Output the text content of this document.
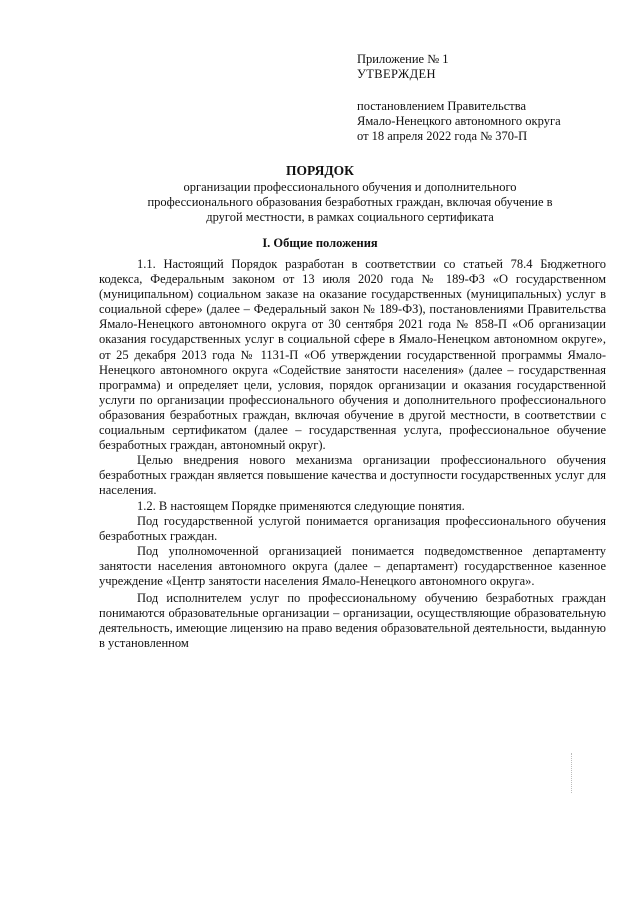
Приложение № 1
УТВЕРЖДЕН
постановлением Правительства
Ямало-Ненецкого автономного округа
от 18 апреля 2022 года № 370-П
ПОРЯДОК
организации профессионального обучения и дополнительного
профессионального образования безработных граждан, включая обучение в
другой местности, в рамках социального сертификата
I. Общие положения

1.1. Настоящий Порядок разработан в соответствии со статьей 78.4 Бюджетного кодекса, Федеральным законом от 13 июля 2020 года № 189-ФЗ «О государственном (муниципальном) социальном заказе на оказание государственных (муниципальных) услуг в социальной сфере» (далее – Федеральный закон № 189-ФЗ), постановлениями Правительства Ямало-Ненецкого автономного округа от 30 сентября 2021 года № 858-П «Об организации оказания государственных услуг в социальной сфере в Ямало-Ненецком автономном округе», от 25 декабря 2013 года № 1131-П «Об утверждении государственной программы Ямало-Ненецкого автономного округа «Содействие занятости населения» (далее – государственная программа) и определяет цели, условия, порядок организации и оказания государственной услуги по организации профессионального обучения и дополнительного профессионального образования безработных граждан, включая обучение в другой местности, в соответствии с социальным сертификатом (далее – государственная услуга, профессиональное обучение безработных граждан, автономный округ).

Целью внедрения нового механизма организации профессионального обучения безработных граждан является повышение качества и доступности государственных услуг для населения.

1.2. В настоящем Порядке применяются следующие понятия.

Под государственной услугой понимается организация профессионального обучения безработных граждан.

Под уполномоченной организацией понимается подведомственное департаменту занятости населения автономного округа (далее – департамент) государственное казенное учреждение «Центр занятости населения Ямало-Ненецкого автономного округа».

Под исполнителем услуг по профессиональному обучению безработных граждан понимаются образовательные организации – организации, осуществляющие образовательную деятельность, имеющие лицензию на право ведения образовательной деятельности, выданную в установленном
